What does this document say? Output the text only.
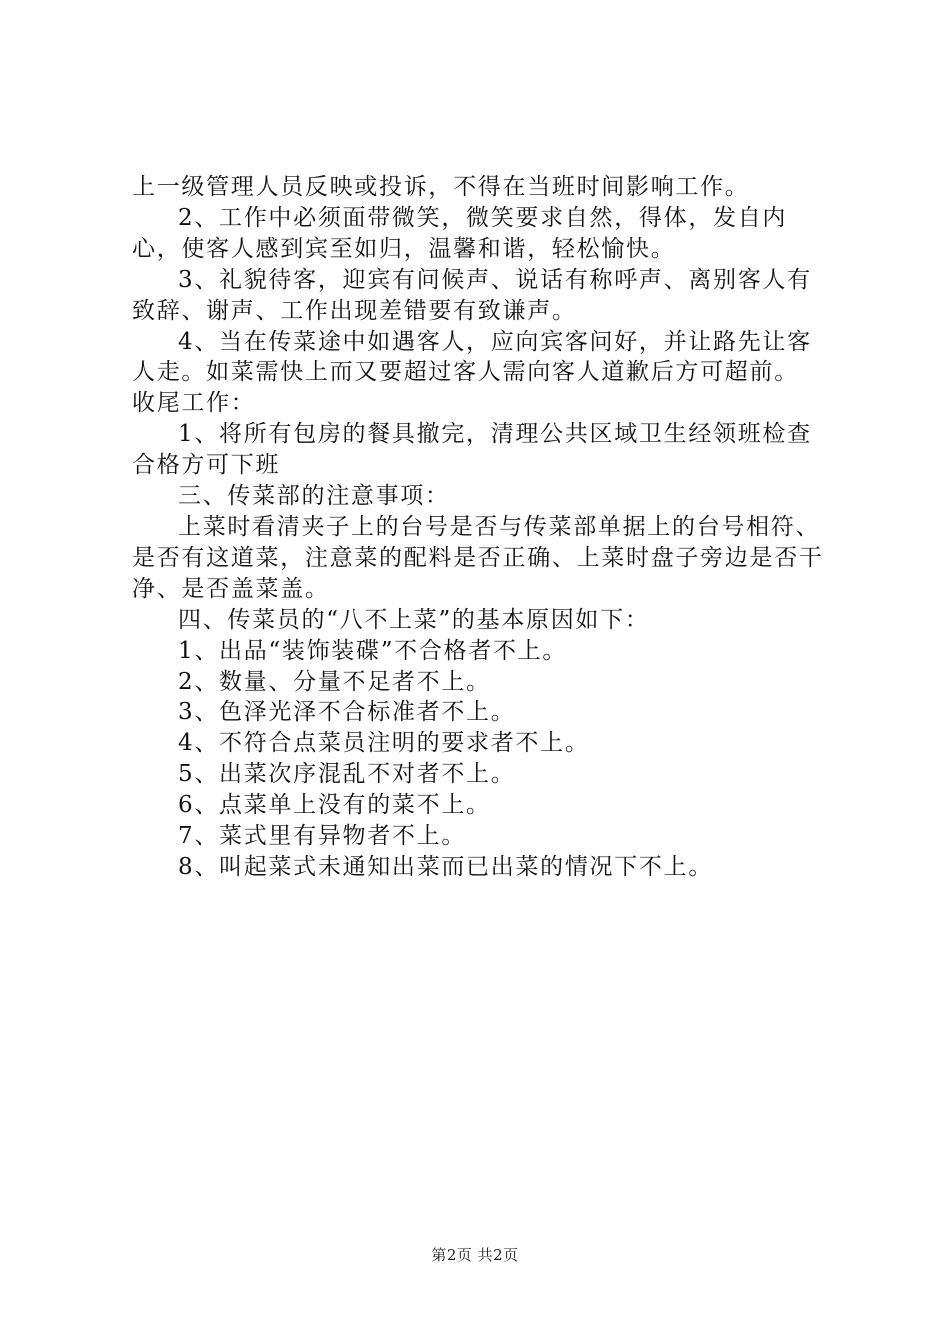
上一级管理人员反映或投诉，不得在当班时间影响工作。

2、工作中必须面带微笑，微笑要求自然，得体，发自内心，使客人感到宾至如归，温馨和谐，轻松愉快。

3、礼貌待客，迎宾有问候声、说话有称呼声、离别客人有致辞、谢声、工作出现差错要有致谦声。

4、当在传菜途中如遇客人，应向宾客问好，并让路先让客人走。如菜需快上而又要超过客人需向客人道歉后方可超前。

收尾工作：

1、将所有包房的餐具撤完，清理公共区域卫生经领班检查合格方可下班

三、传菜部的注意事项：

上菜时看清夹子上的台号是否与传菜部单据上的台号相符、是否有这道菜，注意菜的配料是否正确、上菜时盘子旁边是否干净、是否盖菜盖。

四、传菜员的“八不上菜”的基本原因如下：

1、出品“装饰装碟”不合格者不上。

2、数量、分量不足者不上。

3、色泽光泽不合标准者不上。

4、不符合点菜员注明的要求者不上。

5、出菜次序混乱不对者不上。

6、点菜单上没有的菜不上。

7、菜式里有异物者不上。

8、叫起菜式未通知出菜而已出菜的情况下不上。

第2页 共2页
